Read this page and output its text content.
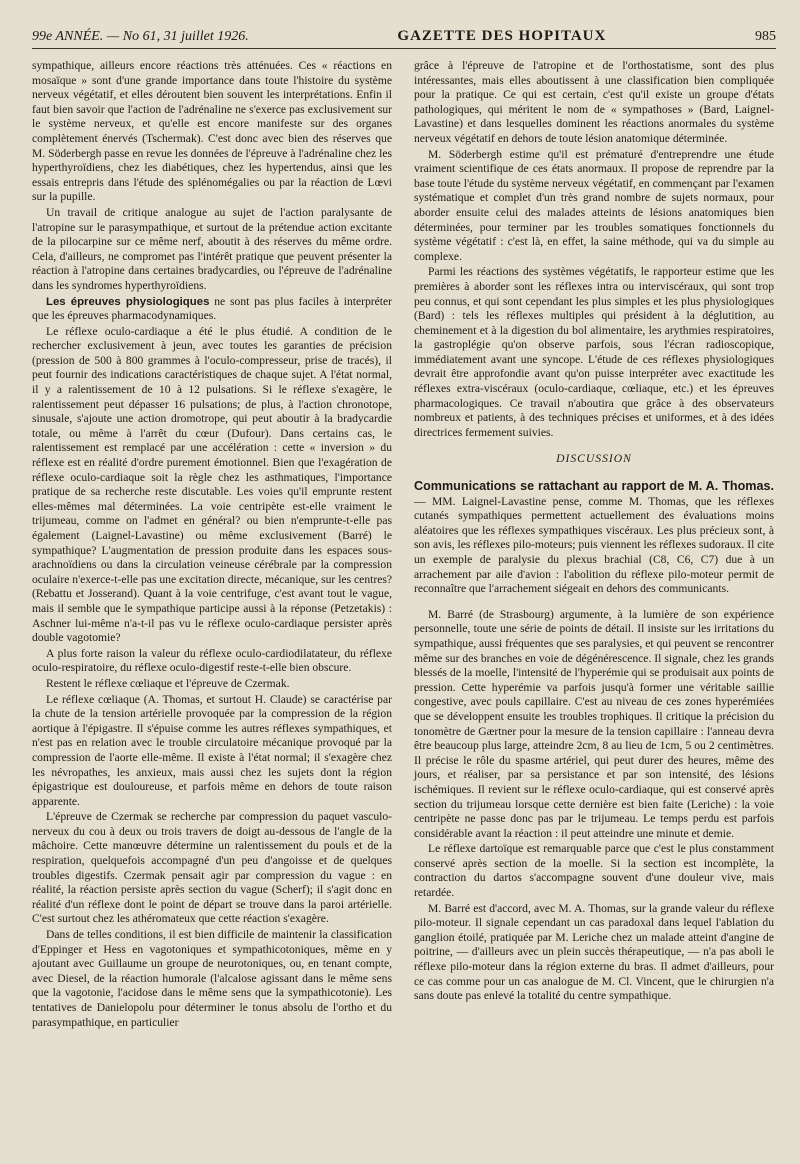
99e ANNÉE. — No 61, 31 juillet 1926.	GAZETTE DES HOPITAUX	985

sympathique, ailleurs encore réactions très atténuées. Ces « réactions en mosaïque » sont d'une grande importance dans toute l'histoire du système nerveux végétatif, et elles déroutent bien souvent les interprétations. Enfin il faut bien savoir que l'action de l'adrénaline ne s'exerce pas exclusivement sur le système nerveux, et qu'elle est encore manifeste sur des organes complètement énervés (Tschermak). C'est donc avec bien des réserves que M. Söderbergh passe en revue les données de l'épreuve à l'adrénaline chez les hyperthyroïdiens, chez les diabétiques, chez les hypertendus, ainsi que les essais entrepris dans l'étude des splénomégalies ou par la réaction de Lœvi sur la pupille.

Un travail de critique analogue au sujet de l'action paralysante de l'atropine sur le parasympathique, et surtout de la prétendue action excitante de la pilocarpine sur ce même nerf, aboutit à des réserves du même ordre. Cela, d'ailleurs, ne compromet pas l'intérêt pratique que peuvent présenter la réaction à l'atropine dans certaines bradycardies, ou l'épreuve de l'adrénaline dans les syndromes hyperthyroïdiens.

Les épreuves physiologiques ne sont pas plus faciles à interpréter que les épreuves pharmacodynamiques.

Le réflexe oculo-cardiaque a été le plus étudié. A condition de le rechercher exclusivement à jeun, avec toutes les garanties de précision (pression de 500 à 800 grammes à l'oculo-compresseur, prise de tracés), il peut fournir des indications caractéristiques de chaque sujet. A l'état normal, il y a ralentissement de 10 à 12 pulsations. Si le réflexe s'exagère, le ralentissement peut dépasser 16 pulsations; de plus, à l'action chronotope, sinusale, s'ajoute une action dromotrope, qui peut aboutir à la bradycardie totale, ou même à l'arrêt du cœur (Dufour). Dans certains cas, le ralentissement est remplacé par une accélération : cette « inversion » du réflexe est en réalité d'ordre purement émotionnel. Bien que l'exagération de réflexe oculo-cardiaque soit la règle chez les asthmatiques, l'importance pratique de sa recherche reste discutable. Les voies qu'il emprunte restent elles-mêmes mal déterminées. La voie centripète est-elle vraiment le trijumeau, comme on l'admet en général? ou bien n'emprunte-t-elle pas également (Laignel-Lavastine) ou même exclusivement (Barré) le sympathique? L'augmentation de pression produite dans les espaces sous-arachnoïdiens ou dans la circulation veineuse cérébrale par la compression oculaire n'exerce-t-elle pas une excitation directe, mécanique, sur les centres? (Rebattu et Josserand). Quant à la voie centrifuge, c'est avant tout le vague, mais il semble que le sympathique participe aussi à la réponse (Petzetakis) : Aschner lui-même n'a-t-il pas vu le réflexe oculo-cardiaque persister après double vagotomie?

A plus forte raison la valeur du réflexe oculo-cardiodilatateur, du réflexe oculo-respiratoire, du réflexe oculo-digestif reste-t-elle bien obscure.

Restent le réflexe cœliaque et l'épreuve de Czermak.

Le réflexe cœliaque (A. Thomas, et surtout H. Claude) se caractérise par la chute de la tension artérielle provoquée par la compression de la région aortique à l'épigastre. Il s'épuise comme les autres réflexes sympathiques, et n'est pas en relation avec le trouble circulatoire mécanique provoqué par la compression de l'aorte elle-même. Il existe à l'état normal; il s'exagère chez les névropathes, les anxieux, mais aussi chez les sujets dont la région épigastrique est douloureuse, et parfois même en dehors de toute raison apparente.

L'épreuve de Czermak se recherche par compression du paquet vasculo-nerveux du cou à deux ou trois travers de doigt au-dessous de l'angle de la mâchoire. Cette manœuvre détermine un ralentissement du pouls et de la respiration, quelquefois accompagné d'un peu d'angoisse et de quelques troubles digestifs. Czermak pensait agir par compression du vague : en réalité, la réaction persiste après section du vague (Scherf); il s'agit donc en réalité d'un réflexe dont le point de départ se trouve dans la paroi artérielle. C'est surtout chez les athéromateux que cette réaction s'exagère.

Dans de telles conditions, il est bien difficile de maintenir la classification d'Eppinger et Hess en vagotoniques et sympathicotoniques, même en y ajoutant avec Guillaume un groupe de neurotoniques, ou, en tenant compte, avec Diesel, de la réaction humorale (l'alcalose agissant dans le même sens que la vagotonie, l'acidose dans le même sens que la sympathicotonie). Les tentatives de Danielopolu pour déterminer le tonus absolu de l'ortho et du parasympathique, en particulier

grâce à l'épreuve de l'atropine et de l'orthostatisme, sont des plus intéressantes, mais elles aboutissent à une classification bien compliquée pour la pratique. Ce qui est certain, c'est qu'il existe un groupe d'états pathologiques, qui méritent le nom de « sympathoses » (Bard, Laignel-Lavastine) et dans lesquelles dominent les réactions anormales du système nerveux végétatif en dehors de toute lésion anatomique déterminée.

M. Söderbergh estime qu'il est prématuré d'entreprendre une étude vraiment scientifique de ces états anormaux. Il propose de reprendre par la base toute l'étude du système nerveux végétatif, en commençant par l'examen systématique et complet d'un très grand nombre de sujets normaux, pour aborder ensuite celui des malades atteints de lésions anatomiques bien déterminées, pour terminer par les troubles somatiques fonctionnels du système végétatif : c'est là, en effet, la saine méthode, qui va du simple au complexe.

Parmi les réactions des systèmes végétatifs, le rapporteur estime que les premières à aborder sont les réflexes intra ou interviscéraux, qui sont trop peu connus, et qui sont cependant les plus simples et les plus physiologiques (Bard) : tels les réflexes multiples qui président à la déglutition, au cheminement et à la digestion du bol alimentaire, les arythmies respiratoires, la gastroplégie qu'on observe parfois, sous l'écran radioscopique, immédiatement avant une syncope. L'étude de ces réflexes physiologiques devrait être approfondie avant qu'on puisse interpréter avec exactitude les réflexes extra-viscéraux (oculo-cardiaque, cœliaque, etc.) et les épreuves pharmacologiques. Ce travail n'aboutira que grâce à des observateurs nombreux et patients, à des techniques précises et uniformes, et à des idées directrices fermement suivies.

DISCUSSION

Communications se rattachant au rapport de M. A. Thomas. — MM. Laignel-Lavastine pense, comme M. Thomas, que les réflexes cutanés sympathiques permettent actuellement des évaluations moins aléatoires que les réflexes sympathiques viscéraux. Les plus précieux sont, à son avis, les réflexes pilo-moteurs; puis viennent les réflexes sudoraux. Il cite un exemple de paralysie du plexus brachial (C8, C6, C7) due à un arrachement par aile d'avion : l'abolition du réflexe pilo-moteur permit de reconnaître que l'arrachement siégeait en dehors des communicants.

M. Barré (de Strasbourg) argumente, à la lumière de son expérience personnelle, toute une série de points de détail. Il insiste sur les irritations du sympathique, aussi fréquentes que ses paralysies, et qui peuvent se rencontrer même sur des branches en voie de dégénérescence. Il signale, chez les grands blessés de la moelle, l'intensité de l'hyperémie qui se produisait aux points de pression. Cette hyperémie va parfois jusqu'à former une véritable saillie congestive, avec pouls capillaire. C'est au niveau de ces zones hyperémiées que se développent ensuite les troubles trophiques. Il critique la précision du tonomètre de Gærtner pour la mesure de la tension capillaire : l'anneau devra être beaucoup plus large, atteindre 2cm, 8 au lieu de 1cm, 5 ou 2 centimètres. Il précise le rôle du spasme artériel, qui peut durer des heures, même des jours, et réaliser, par sa persistance et par son intensité, des lésions ischémiques. Il revient sur le réflexe oculo-cardiaque, qui est conservé après section du trijumeau lorsque cette dernière est bien faite (Leriche) : la voie centripète ne passe donc pas par le trijumeau. Le temps perdu est parfois considérable avant la réaction : il peut atteindre une minute et demie.

Le réflexe dartoïque est remarquable parce que c'est le plus constamment conservé après section de la moelle. Si la section est incomplète, la contraction du dartos s'accompagne souvent d'une douleur vive, mais retardée.

M. Barré est d'accord, avec M. A. Thomas, sur la grande valeur du réflexe pilo-moteur. Il signale cependant un cas paradoxal dans lequel l'ablation du ganglion étoilé, pratiquée par M. Leriche chez un malade atteint d'angine de poitrine, — d'ailleurs avec un plein succès thérapeutique, — n'a pas aboli le réflexe pilo-moteur dans la région externe du bras. Il admet d'ailleurs, pour ce cas comme pour un cas analogue de M. Cl. Vincent, que le chirurgien n'a sans doute pas enlevé la totalité du centre sympathique.
